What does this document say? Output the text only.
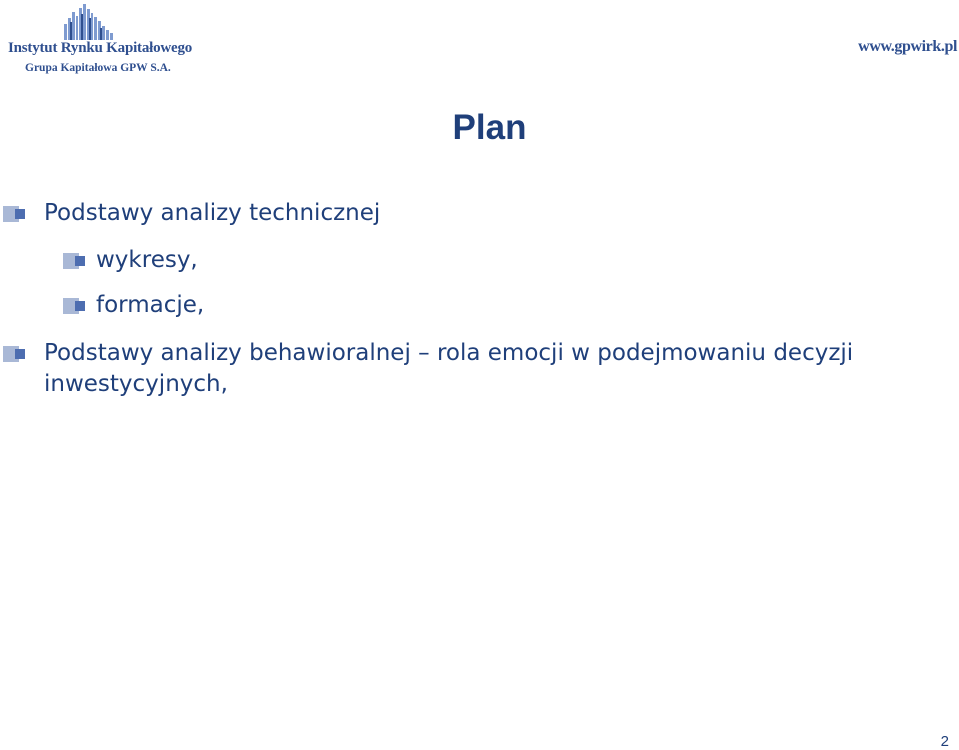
Instytut Rynku Kapitałowego
Grupa Kapitałowa GPW S.A.
www.gpwirk.pl
Plan
Podstawy analizy technicznej
wykresy,
formacje,
Podstawy analizy behawioralnej – rola emocji w podejmowaniu decyzji inwestycyjnych,
2
